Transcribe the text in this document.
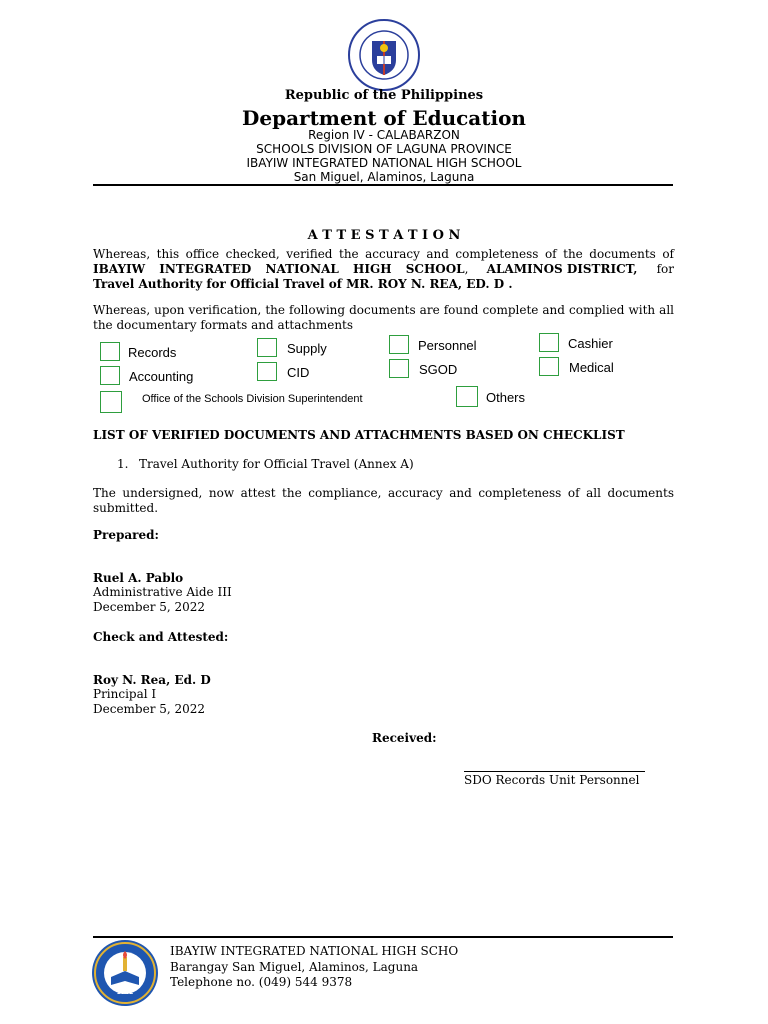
Republic of the Philippines
Department of Education
Region IV - CALABARZON
SCHOOLS DIVISION OF LAGUNA PROVINCE
IBAYIW INTEGRATED NATIONAL HIGH SCHOOL
San Miguel, Alaminos, Laguna
A T T E S T A T I O N
Whereas, this office checked, verified the accuracy and completeness of the documents of
IBAYIW INTEGRATED NATIONAL HIGH SCHOOL, ALAMINOS DISTRICT, for
Travel Authority for Official Travel of MR. ROY N. REA, ED. D .
Whereas, upon verification, the following documents are found complete and complied with all the documentary formats and attachments
Records
Accounting
Supply
CID
Personnel
SGOD
Cashier
Medical
Office of the Schools Division Superintendent	Others
LIST OF VERIFIED DOCUMENTS AND ATTACHMENTS BASED ON CHECKLIST
1. Travel Authority for Official Travel (Annex A)
The undersigned, now attest the compliance, accuracy and completeness of all documents submitted.
Prepared:
Ruel A. Pablo
Administrative Aide III
December 5, 2022
Check and Attested:
Roy N. Rea, Ed. D
Principal I
December 5, 2022
Received:
SDO Records Unit Personnel
1962
IBAYIW INTEGRATED NATIONAL HIGH SCHO
Barangay San Miguel, Alaminos, Laguna
Telephone no. (049) 544 9378
